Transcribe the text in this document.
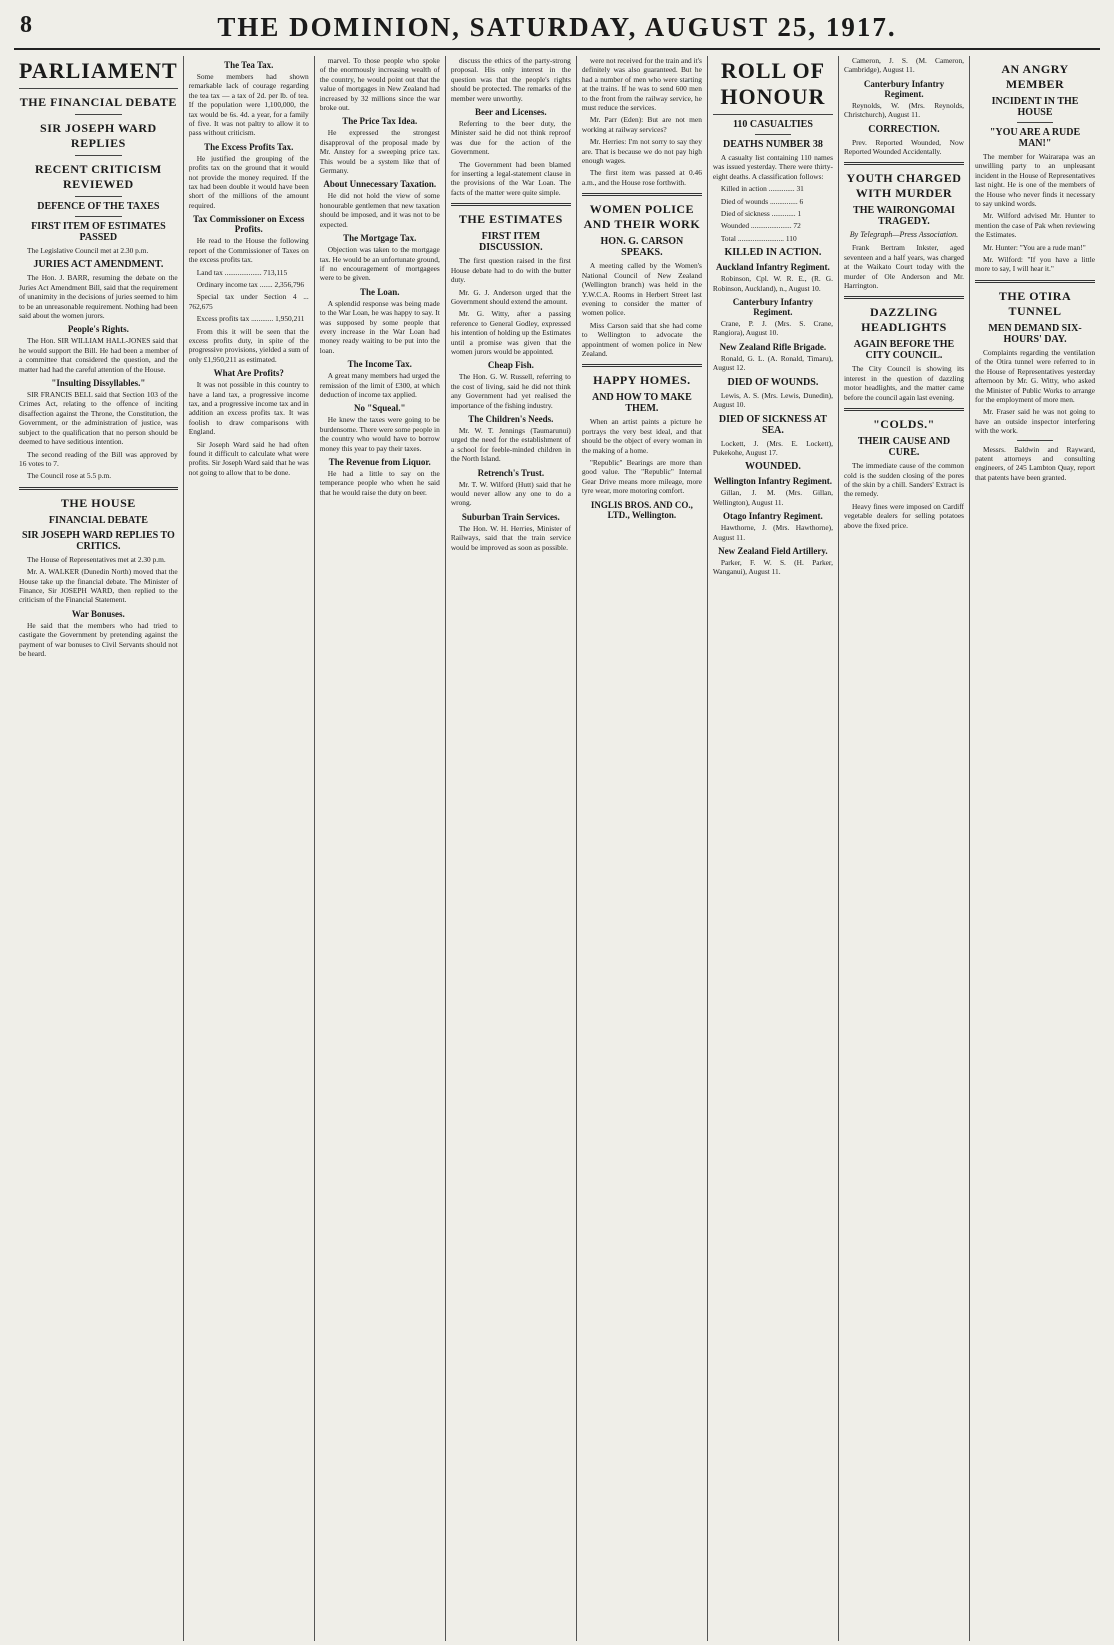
8	THE DOMINION, SATURDAY, AUGUST 25, 1917.
PARLIAMENT
THE FINANCIAL DEBATE
SIR JOSEPH WARD REPLIES
RECENT CRITICISM REVIEWED
DEFENCE OF THE TAXES
FIRST ITEM OF ESTIMATES PASSED

The Legislative Council met at 2.30 p.m.

JURIES ACT AMENDMENT.

The Hon. J. BARR, resuming the debate on the Juries Act Amendment Bill, said that the requirement of unanimity in the decisions of juries seemed to him to be an unreasonable requirement. Nothing had been said about the women jurors.

People's Rights.

The Hon. SIR WILLIAM HALL-JONES said that he would support the Bill. He had been a member of a committee that considered the question, and the matter had had the careful attention of the House.

"Insulting Dissyllables."

SIR FRANCIS BELL said that Section 103 of the Crimes Act, relating to the offence of inciting disaffection against the Throne, the Constitution, the Government, or the administration of justice, was subject to the qualification that no person should be deemed to have seditious intention.

The second reading of the Bill was approved by 16 votes to 7.

The Council rose at 5.5 p.m.

THE HOUSE
FINANCIAL DEBATE
SIR JOSEPH WARD REPLIES TO CRITICS.

The House of Representatives met at 2.30 p.m.

Mr. A. WALKER (Dunedin North) moved that the House take up the financial debate. The Minister of Finance, Sir JOSEPH WARD, then replied to the criticism of the Financial Statement.

War Bonuses.

He said that the members who had tried to castigate the Government by pretending against the payment of war bonuses to Civil Servants should not be heard.

The Tea Tax.

Some members had shown remarkable lack of courage regarding the tea tax — a tax of 2d. per lb. of tea. If the population were 1,100,000, the tax would be 6s. 4d. a year, for a family of five. It was not paltry to allow it to pass without criticism.

The Excess Profits Tax.

He justified the grouping of the profits tax on the ground that it would not provide the money required. If the tax had been double it would have been short of the millions of the amount required.

Tax Commissioner on Excess Profits.

He read to the House the following report of the Commissioner of Taxes on the excess profits tax.

Land tax .................... 713,115

Ordinary income tax ....... 2,356,796

Special tax under Section 4 ... 762,675

Excess profits tax ............ 1,950,211

From this it will be seen that the excess profits duty, in spite of the progressive provisions, yielded a sum of only £1,950,211 as estimated.

What Are Profits?

It was not possible in this country to have a land tax, a progressive income tax, and a progressive income tax and in addition an excess profits tax. It was foolish to draw comparisons with England.

Sir Joseph Ward said he had often found it difficult to calculate what were profits. Sir Joseph Ward said that he was not going to allow that to be done.

marvel. To those people who spoke of the enormously increasing wealth of the country, he would point out that the value of mortgages in New Zealand had increased by 32 millions since the war broke out.

The Price Tax Idea.

He expressed the strongest disapproval of the proposal made by Mr. Anstey for a sweeping price tax. This would be a system like that of Germany.

About Unnecessary Taxation.

He did not hold the view of some honourable gentlemen that new taxation should be imposed, and it was not to be expected.

The Mortgage Tax.

Objection was taken to the mortgage tax. He would be an unfortunate ground, if no encouragement of mortgagees were to be given.

The Loan.

A splendid response was being made to the War Loan, he was happy to say. It was supposed by some people that every increase in the War Loan had money ready waiting to be put into the loan.

The Income Tax.

A great many members had urged the remission of the limit of £300, at which deduction of income tax applied.

No "Squeal."

He knew the taxes were going to be burdensome. There were some people in the country who would have to borrow money this year to pay their taxes.

The Revenue from Liquor.

He had a little to say on the temperance people who when he said that he would raise the duty on beer.

discuss the ethics of the party-strong proposal. His only interest in the question was that the people's rights should be protected. The remarks of the member were unworthy.

Beer and Licenses.

Referring to the beer duty, the Minister said he did not think reproof was due for the action of the Government.

The Government had been blamed for inserting a legal-statement clause in the provisions of the War Loan. The facts of the matter were quite simple.

THE ESTIMATES
FIRST ITEM DISCUSSION.

The first question raised in the first House debate had to do with the butter duty.

Mr. G. J. Anderson urged that the Government should extend the amount.

Mr. G. Witty, after a passing reference to General Godley, expressed his intention of holding up the Estimates until a promise was given that the women jurors would be appointed.

Cheap Fish.

The Hon. G. W. Russell, referring to the cost of living, said he did not think any Government had yet realised the importance of the fishing industry.

The Children's Needs.

Mr. W. T. Jennings (Taumarunui) urged the need for the establishment of a school for feeble-minded children in the North Island.

Retrench's Trust.

Mr. T. W. Wilford (Hutt) said that he would never allow any one to do a wrong.

Suburban Train Services.

The Hon. W. H. Herries, Minister of Railways, said that the train service would be improved as soon as possible.

were not received for the train and it's definitely was also guaranteed. But he had a number of men who were starting at the trains. If he was to send 600 men to the front from the railway service, he must reduce the services.

Mr. Parr (Eden): But are not men working at railway services?

Mr. Herries: I'm not sorry to say they are. That is because we do not pay high enough wages.

The first item was passed at 0.46 a.m., and the House rose forthwith.

WOMEN POLICE AND THEIR WORK
HON. G. CARSON SPEAKS.

A meeting called by the Women's National Council of New Zealand (Wellington branch) was held in the Y.W.C.A. Rooms in Herbert Street last evening to consider the matter of women police.

Miss Carson said that she had come to Wellington to advocate the appointment of women police in New Zealand.

HAPPY HOMES.
AND HOW TO MAKE THEM.

When an artist paints a picture he portrays the very best ideal, and that should be the object of every woman in the making of a home.

"Republic" Bearings are more than good value. The "Republic" Internal Gear Drive means more mileage, more tyre wear, more motoring comfort.

INGLIS BROS. AND CO., LTD., Wellington.
ROLL OF HONOUR
110 CASUALTIES
DEATHS NUMBER 38

A casualty list containing 110 names was issued yesterday. There were thirty-eight deaths. A classification follows:

Killed in action .............. 31

Died of wounds ............... 6

Died of sickness ............. 1

Wounded ...................... 72

Total ......................... 110

KILLED IN ACTION.
Auckland Infantry Regiment.

Robinson, Cpl. W. R. E., (R. G. Robinson, Auckland), n., August 10.

Canterbury Infantry Regiment.

Crane, P. J. (Mrs. S. Crane, Rangiora), August 10.

New Zealand Rifle Brigade.

Ronald, G. L. (A. Ronald, Timaru), August 12.

DIED OF WOUNDS.

Lewis, A. S. (Mrs. Lewis, Dunedin), August 10.

DIED OF SICKNESS AT SEA.

Lockett, J. (Mrs. E. Lockett), Pukekohe, August 17.

WOUNDED.
Wellington Infantry Regiment.

Gillan, J. M. (Mrs. Gillan, Wellington), August 11.

Otago Infantry Regiment.

Hawthorne, J. (Mrs. Hawthorne), August 11.

New Zealand Field Artillery.

Parker, F. W. S. (H. Parker, Wanganui), August 11.

Cameron, J. S. (M. Cameron, Cambridge), August 11.

Canterbury Infantry Regiment.

Reynolds, W. (Mrs. Reynolds, Christchurch), August 11.

CORRECTION.

Prev. Reported Wounded, Now Reported Wounded Accidentally.

YOUTH CHARGED WITH MURDER
THE WAIRONGOMAI TRAGEDY.
By Telegraph—Press Association.

Frank Bertram Inkster, aged seventeen and a half years, was charged at the Waikato Court today with the murder of Ole Anderson and Mr. Harrington.

DAZZLING HEADLIGHTS
AGAIN BEFORE THE CITY COUNCIL.

The City Council is showing its interest in the question of dazzling motor headlights, and the matter came before the council again last evening.

"COLDS."
THEIR CAUSE AND CURE.

The immediate cause of the common cold is the sudden closing of the pores of the skin by a chill. Sanders' Extract is the remedy.

Heavy fines were imposed on Cardiff vegetable dealers for selling potatoes above the fixed price.

AN ANGRY MEMBER
INCIDENT IN THE HOUSE
"YOU ARE A RUDE MAN!"

The member for Wairarapa was an unwilling party to an unpleasant incident in the House of Representatives last night. He is one of the members of the House who never finds it necessary to say unkind words.

Mr. Wilford advised Mr. Hunter to mention the case of Pak when reviewing the Estimates.

Mr. Hunter: "You are a rude man!"

Mr. Wilford: "If you have a little more to say, I will hear it."

THE OTIRA TUNNEL
MEN DEMAND SIX-HOURS' DAY.

Complaints regarding the ventilation of the Otira tunnel were referred to in the House of Representatives yesterday afternoon by Mr. G. Witty, who asked the Minister of Public Works to arrange for the employment of more men.

Mr. Fraser said he was not going to have an outside inspector interfering with the work.

Messrs. Baldwin and Rayward, patent attorneys and consulting engineers, of 245 Lambton Quay, report that patents have been granted.
